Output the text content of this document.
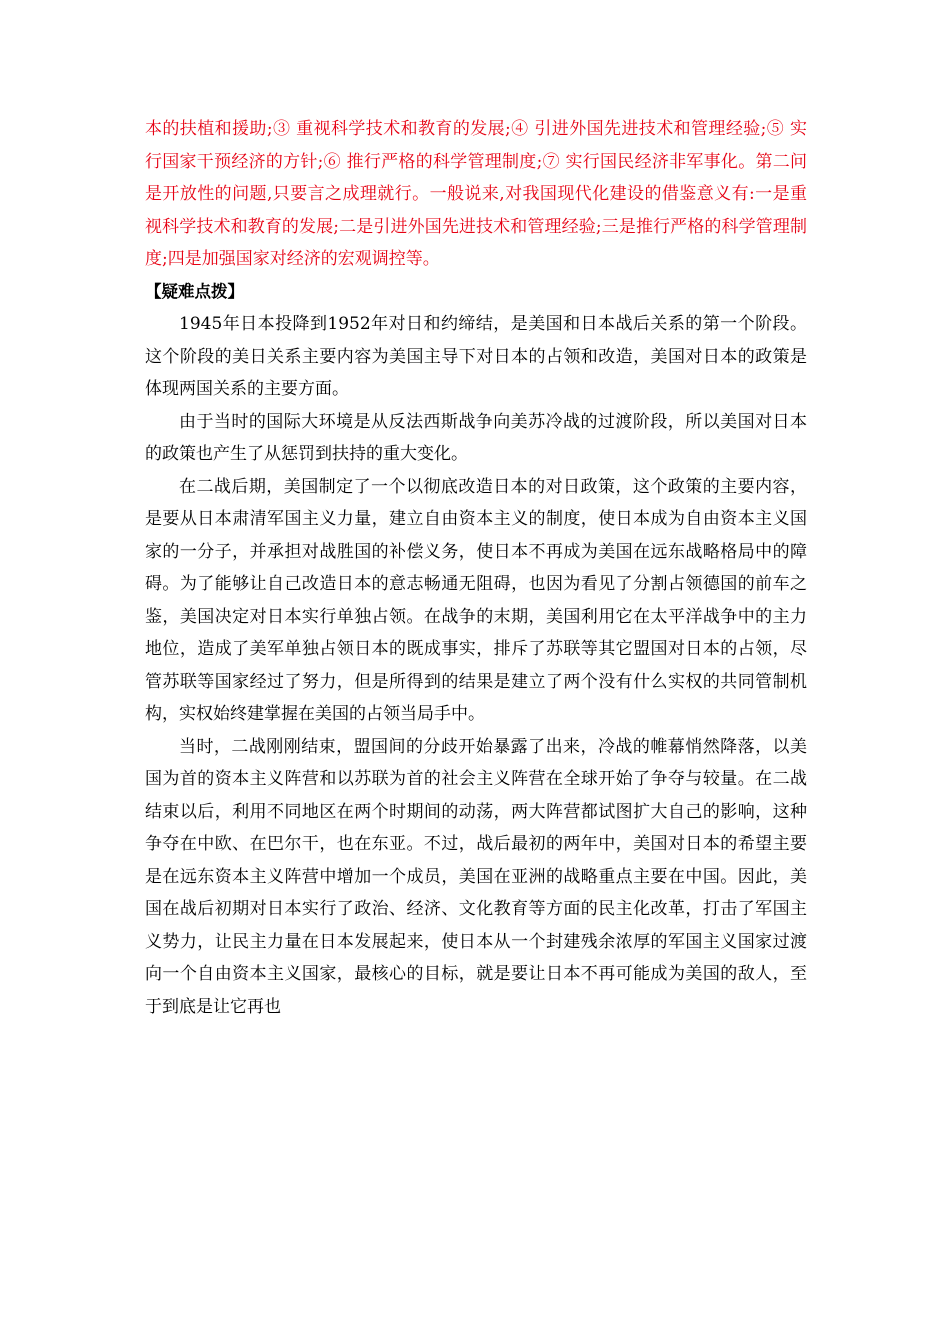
本的扶植和援助;③ 重视科学技术和教育的发展;④ 引进外国先进技术和管理经验;⑤ 实行国家干预经济的方针;⑥ 推行严格的科学管理制度;⑦ 实行国民经济非军事化。第二问是开放性的问题,只要言之成理就行。一般说来,对我国现代化建设的借鉴意义有:一是重视科学技术和教育的发展;二是引进外国先进技术和管理经验;三是推行严格的科学管理制度;四是加强国家对经济的宏观调控等。

【疑难点拨】

1945年日本投降到1952年对日和约缔结，是美国和日本战后关系的第一个阶段。这个阶段的美日关系主要内容为美国主导下对日本的占领和改造，美国对日本的政策是体现两国关系的主要方面。

由于当时的国际大环境是从反法西斯战争向美苏冷战的过渡阶段，所以美国对日本的政策也产生了从惩罚到扶持的重大变化。

在二战后期，美国制定了一个以彻底改造日本的对日政策，这个政策的主要内容，是要从日本肃清军国主义力量，建立自由资本主义的制度，使日本成为自由资本主义国家的一分子，并承担对战胜国的补偿义务，使日本不再成为美国在远东战略格局中的障碍。为了能够让自己改造日本的意志畅通无阻碍，也因为看见了分割占领德国的前车之鉴，美国决定对日本实行单独占领。在战争的末期，美国利用它在太平洋战争中的主力地位，造成了美军单独占领日本的既成事实，排斥了苏联等其它盟国对日本的占领，尽管苏联等国家经过了努力，但是所得到的结果是建立了两个没有什么实权的共同管制机构，实权始终建掌握在美国的占领当局手中。

当时，二战刚刚结束，盟国间的分歧开始暴露了出来，冷战的帷幕悄然降落，以美国为首的资本主义阵营和以苏联为首的社会主义阵营在全球开始了争夺与较量。在二战结束以后，利用不同地区在两个时期间的动荡，两大阵营都试图扩大自己的影响，这种争夺在中欧、在巴尔干，也在东亚。不过，战后最初的两年中，美国对日本的希望主要是在远东资本主义阵营中增加一个成员，美国在亚洲的战略重点主要在中国。因此，美国在战后初期对日本实行了政治、经济、文化教育等方面的民主化改革，打击了军国主义势力，让民主力量在日本发展起来，使日本从一个封建残余浓厚的军国主义国家过渡向一个自由资本主义国家，最核心的目标，就是要让日本不再可能成为美国的敌人，至于到底是让它再也
